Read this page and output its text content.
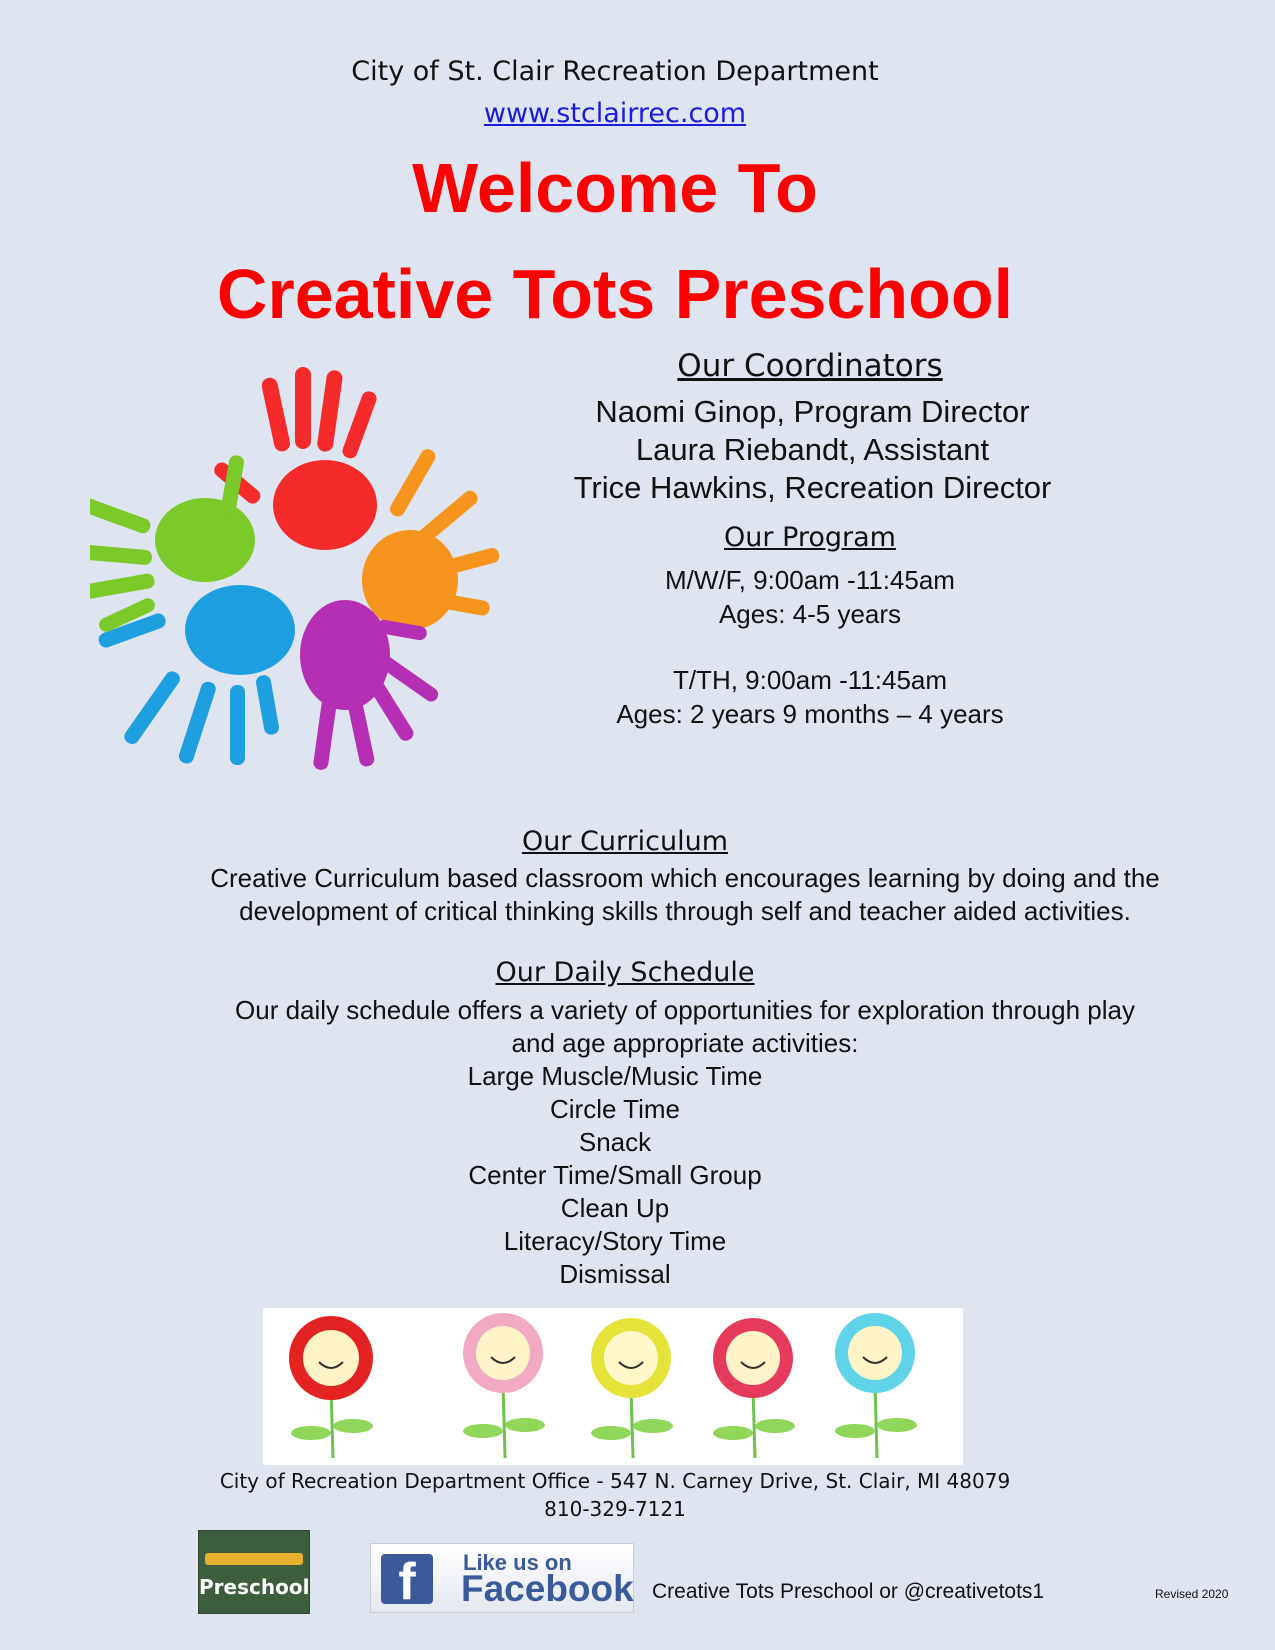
City of St. Clair Recreation Department
www.stclairrec.com
Welcome To
Creative Tots Preschool
Our Coordinators
Naomi Ginop, Program Director
Laura Riebandt, Assistant
Trice Hawkins, Recreation Director
Our Program
M/W/F, 9:00am -11:45am
Ages: 4-5 years
T/TH, 9:00am -11:45am
Ages: 2 years 9 months – 4 years
Our Curriculum
Creative Curriculum based classroom which encourages learning by doing and the
development of critical thinking skills through self and teacher aided activities.
Our Daily Schedule
Our daily schedule offers a variety of opportunities for exploration through play
and age appropriate activities:
Large Muscle/Music Time
Circle Time
Snack
Center Time/Small Group
Clean Up
Literacy/Story Time
Dismissal
City of Recreation Department Office - 547 N. Carney Drive, St. Clair, MI 48079
810-329-7121
Preschool	f	Like us on
Facebook Creative Tots Preschool or @creativetots1	Revised 2020
